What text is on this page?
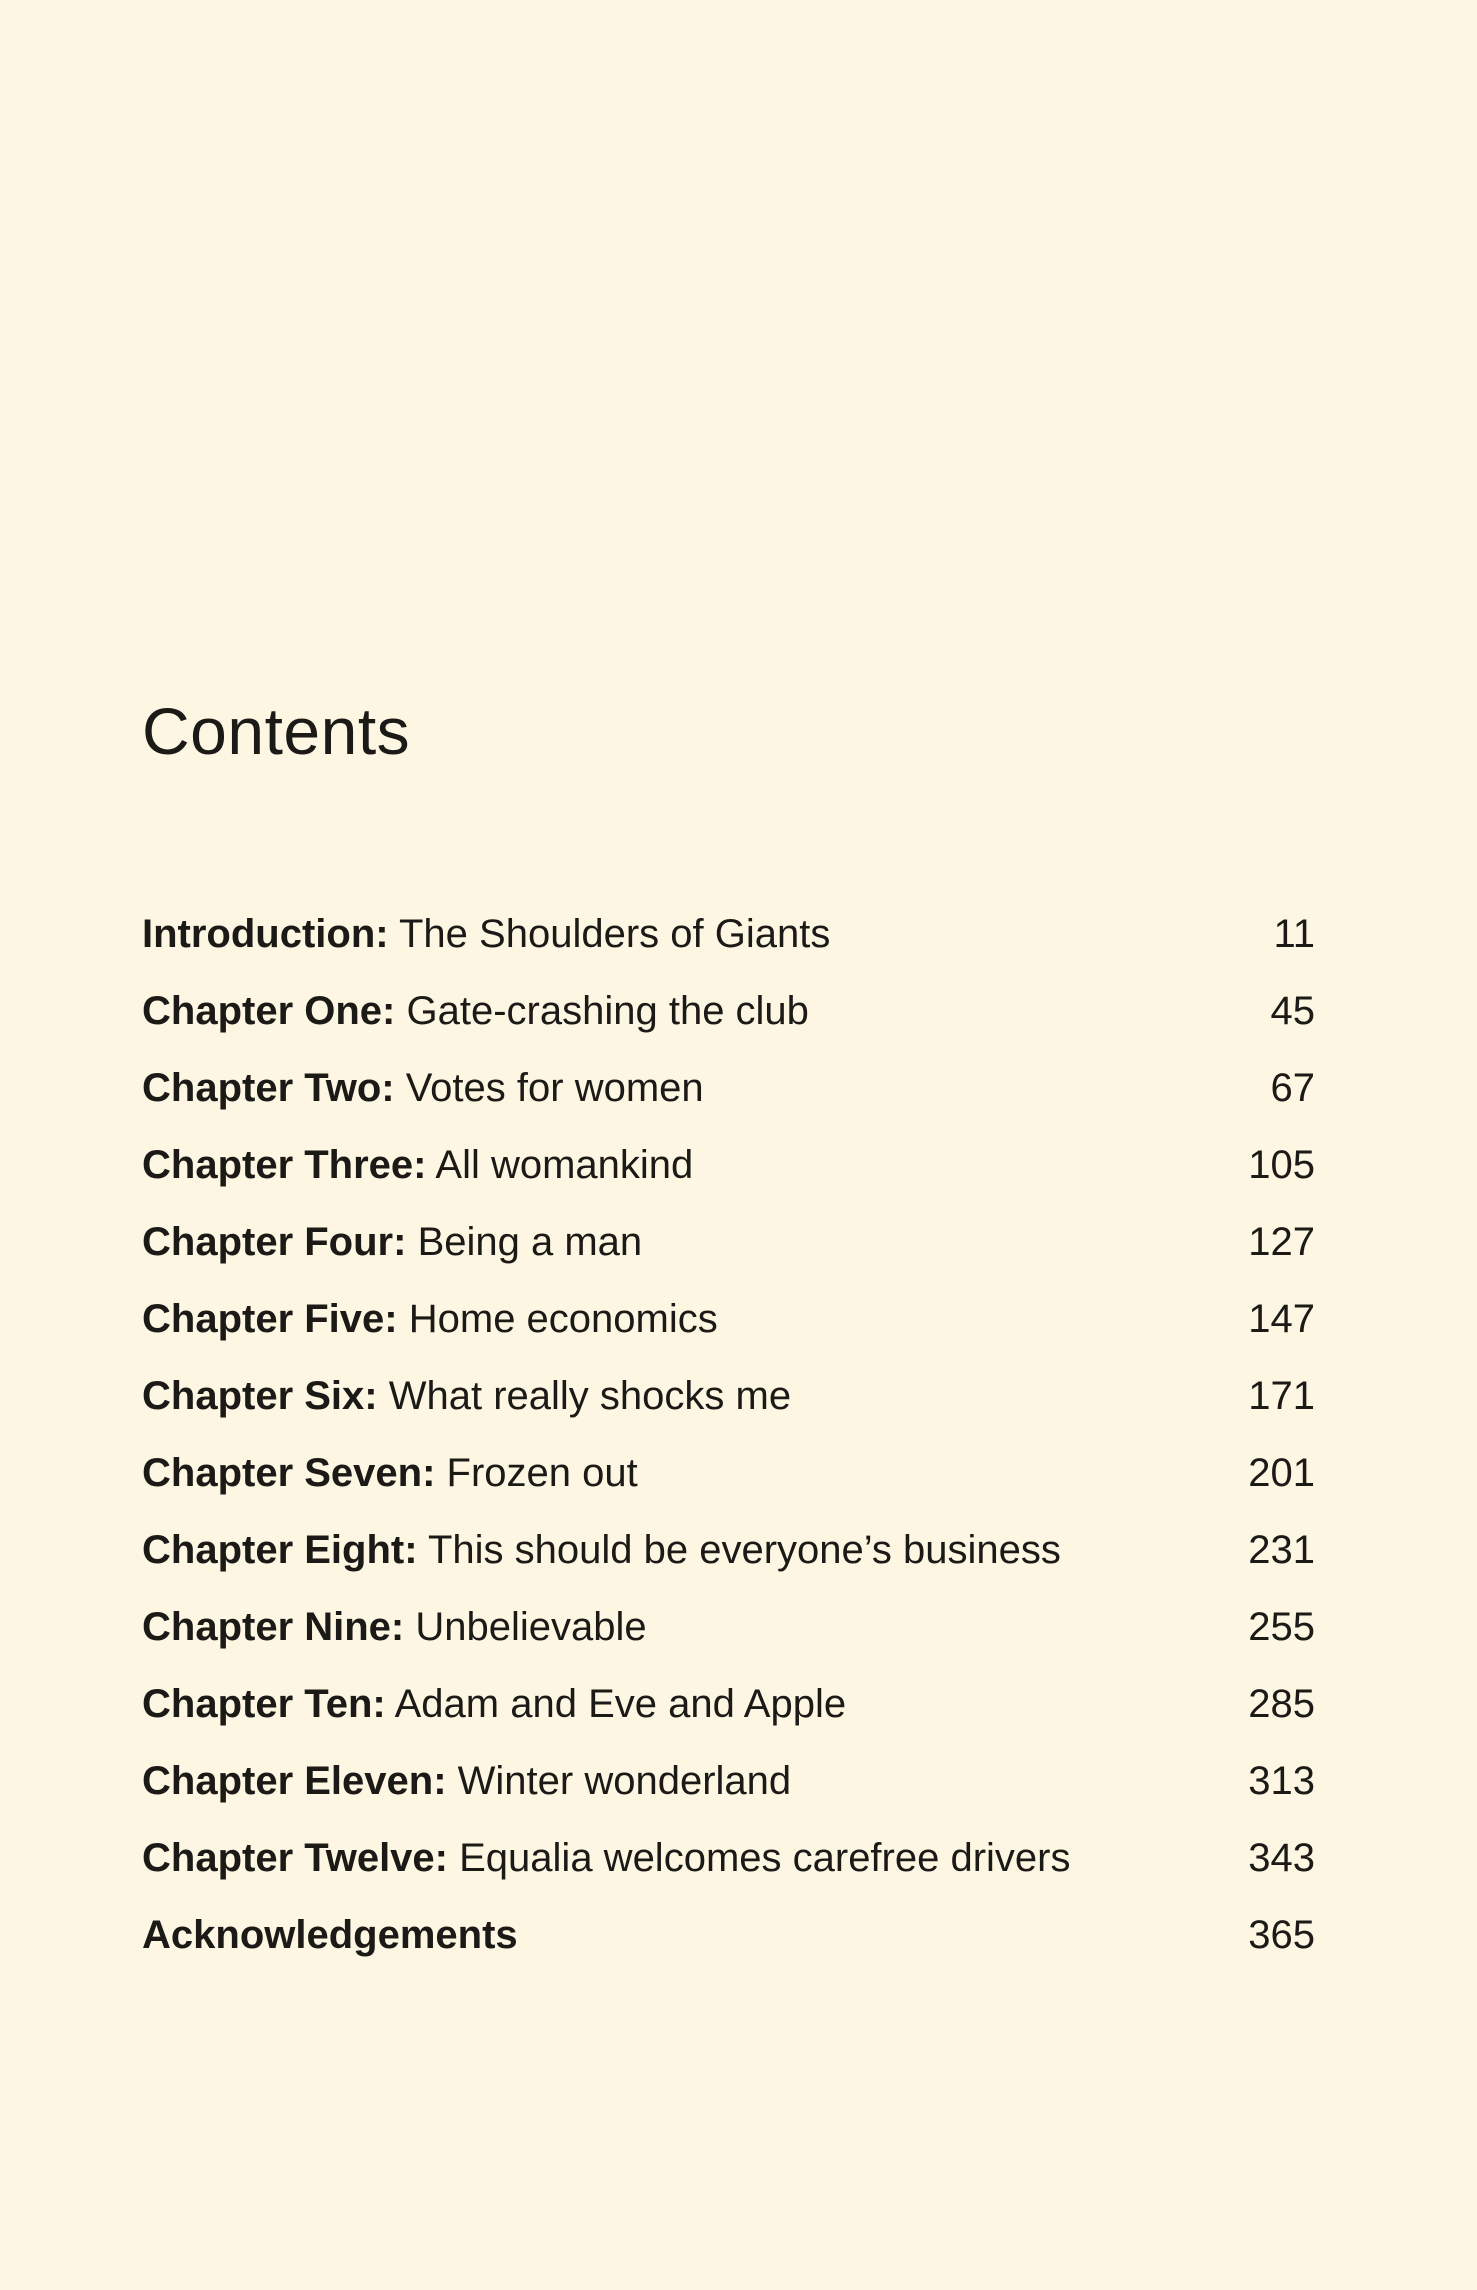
Contents
Introduction: The Shoulders of Giants	11
Chapter One: Gate-crashing the club	45
Chapter Two: Votes for women	67
Chapter Three: All womankind	105
Chapter Four: Being a man	127
Chapter Five: Home economics	147
Chapter Six: What really shocks me	171
Chapter Seven: Frozen out	201
Chapter Eight: This should be everyone’s business	231
Chapter Nine: Unbelievable	255
Chapter Ten: Adam and Eve and Apple	285
Chapter Eleven: Winter wonderland	313
Chapter Twelve: Equalia welcomes carefree drivers	343
Acknowledgements	365
